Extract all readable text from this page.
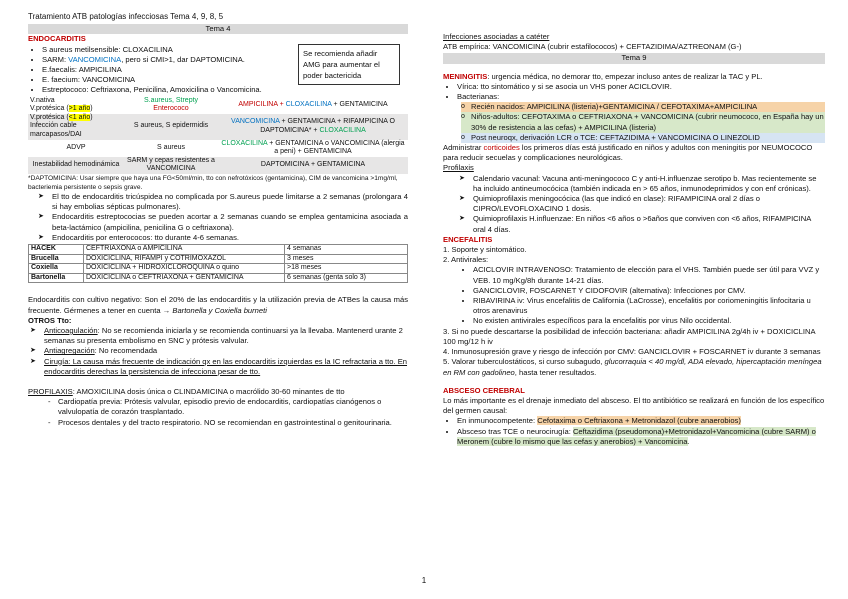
Tratamiento ATB patologías infecciosas Tema 4, 9, 8, 5

Tema 4

ENDOCARDITIS

• S aureus metilsensible: CLOXACILINA
• SARM: VANCOMICINA, pero si CMI>1, dar DAPTOMICINA.
• E.faecalis: AMPICILINA
• E. faecium: VANCOMICINA
• Estreptococo: Ceftriaxona, Penicilina, Amoxicilina o Vancomicina.
Se recomienda añadir AMG para aumentar el poder bactericida
V.nativa	S.aureus, Strepty	AMPICILINA + CLOXACILINA + GENTAMICINA
V.protésica (>1 año)	Enterococo	
V.protésica (<1 año)
Infección cable marcapasos/DAI	S aureus, S epidermidis	VANCOMICINA + GENTAMICINA + RIFAMPICINA O DAPTOMICINA* + CLOXACILINA
ADVP	S aureus	CLOXACILINA + GENTAMICINA o VANCOMICINA (alergia a peni) + GENTAMICINA
Inestabilidad hemodinámica	SARM y cepas resistentes a VANCOMICINA	DAPTOMICINA + GENTAMICINA

*DAPTOMICINA: Usar siempre que haya una FG<50ml/min, tto con nefrotóxicos (gentamicina), CIM de vancomicina >1mg/ml, bacteriemia persistente o sepsis grave.

➤ El tto de endocarditis tricúspidea no complicada por S.aureus puede limitarse a 2 semanas (prolongara 4 si hay embolias sépticas pulmonares).
➤ Endocarditis estreptococias se pueden acortar a 2 semanas cuando se emplea gentamicina asociada a beta-lactámico (ampicilina, penicilina G o ceftriaxona).
➤ Endocarditis por enterococos: tto durante 4-6 semanas.
HACEK	CEFTRIAXONA o AMPICILINA	4 semanas
Brucella	DOXICICLINA, RIFAMPI y COTRIMOXAZOL	3 meses
Coxiella	DOXICICLINA + HIDROXICLOROQUINA o quino	>18 meses
Bartonella	DOXICICLINA o CEFTRIAXONA + GENTAMICINA	6 semanas (genta solo 3)

Endocarditis con cultivo negativo: Son el 20% de las endocarditis y la utilización previa de ATBes la causa más frecuente. Gérmenes a tener en cuenta → Bartonella y Coxiella burneti
OTROS Tto:

➤ Anticoagulación: No se recomienda iniciarla y se recomienda continuarsi ya la llevaba. Mantenerd urante 2 semanas su presenta embolismo en SNC y prótesis valvular.
➤ Antiagregación: No recomendada
➤ Cirugía: La causa más frecuente de indicación qx en las endocarditis izquierdas es la IC refractaria a tto. En endocarditis derechas la persistencia de infecciona pesar de tto.

PROFILAXIS: AMOXICILINA dosis única o CLINDAMICINA o macrólido 30-60 minantes de tto

- Cardiopatía previa: Prótesis valvular, episodio previo de endocarditis, cardiopatías cianógenos o valvulopatía de corazón trasplantado.
- Procesos dentales y del tracto respiratorio. NO se recomiendan en gastrointestinal o genitourinaria.

Infecciones asociadas a catéter

ATB empírica: VANCOMICINA (cubrir estafilococos) + CEFTAZIDIMA/AZTREONAM (G-)

Tema 9

MENINGITIS: urgencia médica, no demorar tto, empezar incluso antes de realizar la TAC y PL.

• Vírica: tto sintomático y si se asocia un VHS poner ACICLOVIR.
• Bacterianas:
o Recién nacidos: AMPICILINA (listeria)+GENTAMICINA / CEFOTAXIMA+AMPICILINA
o Niños-adultos: CEFOTAXIMA o CEFTRIAXONA + VANCOMICINA (cubrir neumococo, en España hay un 30% de resistencia a las cefas) + AMPICILINA (listeria)
o Post neuroqx, derivación LCR o TCE: CEFTAZIDIMA + VANCOMICINA O LINEZOLID

Administrar corticoides los primeros días está justificado en niños y adultos con meningitis por NEUMOCOCO para reducir secuelas y complicaciones neurológicas.

Profilaxis

➤ Calendario vacunal: Vacuna anti-meningococo C y anti-H.influenzae serotipo b. Mas recientemente se ha incluido antineumocócica (también indicada en > 65 años, inmunodeprimidos y con enf crónicas).
➤ Quimioprofilaxis meningocócica (las que indicó en clase): RIFAMPICINA oral 2 días o CIPRO/LEVOFLOXACINO 1 dosis.
➤ Quimioprofilaxis H.influenzae: En niños <6 años o >6años que conviven con <6 años, RIFAMPICINA oral 4 días.

ENCEFALITIS

1. Soporte y sintomático.

2. Antivirales:

• ACICLOVIR INTRAVENOSO: Tratamiento de elección para el VHS. También puede ser útil para VVZ y VEB. 10 mg/Kg/8h durante 14-21 días.
• GANCICLOVIR, FOSCARNET Y CIDOFOVIR (alternativa): Infecciones por CMV.
• RIBAVIRINA iv: Virus encefalitis de California (LaCrosse), encefalitis por coriomeningitis linfocitaria u otros arenavirus
• No existen antivirales específicos para la encefalitis por virus Nilo occidental.

3. Si no puede descartarse la posibilidad de infección bacteriana: añadir AMPICILINA 2g/4h iv + DOXICICLINA 100 mg/12 h iv

4. Inmunosupresión grave y riesgo de infección por CMV: GANCICLOVIR + FOSCARNET iv durante 3 semanas

5. Valorar tuberculostáticos, si curso subagudo, glucorraquia < 40 mg/dl, ADA elevado, hipercaptación meníngea en RM con gadolineo, hasta tener resultados.

ABSCESO CEREBRAL

Lo más importante es el drenaje inmediato del absceso. El tto antibiótico se realizará en función de los específico del germen causal:

• En inmunocompetente: Cefotaxima o Ceftriaxona + Metronidazol (cubre anaerobios)
• Absceso tras TCE o neurocirugía: Ceftazidima (pseudomona)+Metronidazol+Vancomicina (cubre SARM) o Meronem (cubre lo mismo que las cefas y anerobios) + Vancomicina.
1
